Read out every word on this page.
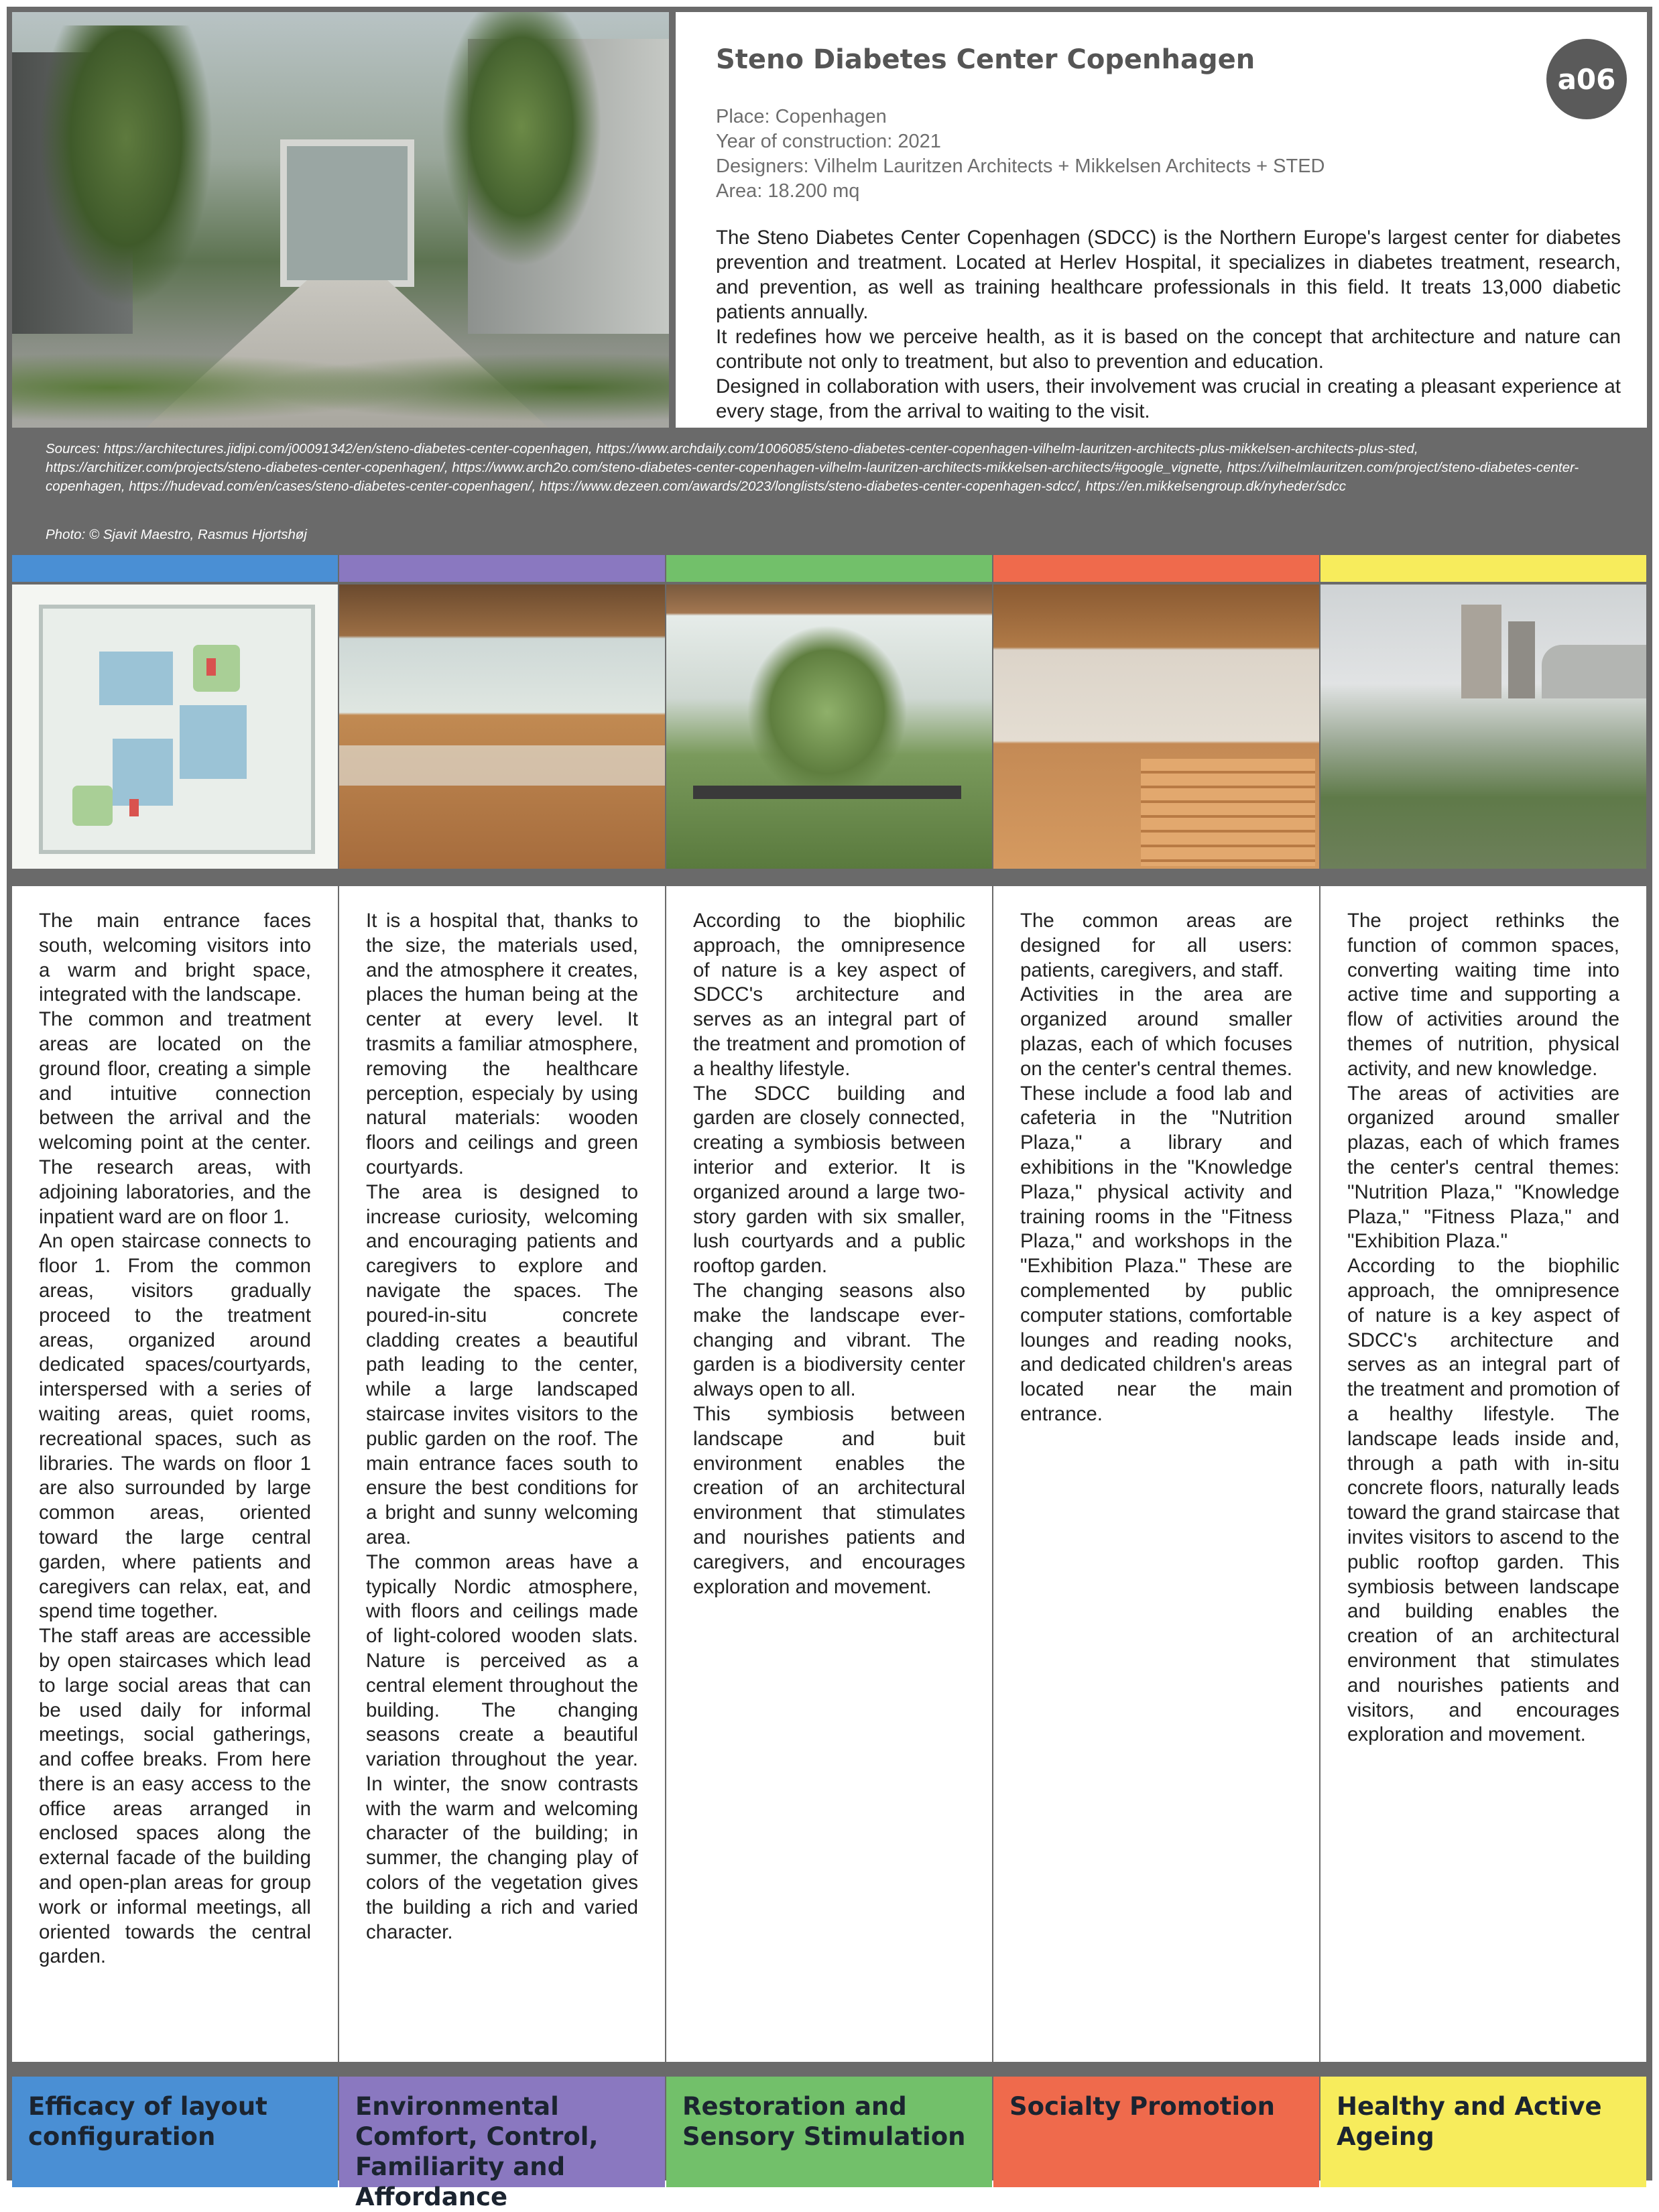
Steno Diabetes Center Copenhagen
a06
Place: Copenhagen
Year of construction: 2021
Designers: Vilhelm Lauritzen Architects + Mikkelsen Architects + STED
Area: 18.200 mq

The Steno Diabetes Center Copenhagen (SDCC) is the Northern Europe's largest center for diabetes prevention and treatment. Located at Herlev Hospital, it specializes in diabetes treatment, research, and prevention, as well as training healthcare professionals in this field. It treats 13,000 diabetic patients annually.

It redefines how we perceive health, as it is based on the concept that architecture and nature can contribute not only to treatment, but also to prevention and education.

Designed in collaboration with users, their involvement was crucial in creating a pleasant experience at every stage, from the arrival to waiting to the visit.

Sources: https://architectures.jidipi.com/j00091342/en/steno-diabetes-center-copenhagen, https://www.archdaily.com/1006085/steno-diabetes-center-copenhagen-vilhelm-lauritzen-architects-plus-mikkelsen-architects-plus-sted, https://architizer.com/projects/steno-diabetes-center-copenhagen/, https://www.arch2o.com/steno-diabetes-center-copenhagen-vilhelm-lauritzen-architects-mikkelsen-architects/#google_vignette, https://vilhelmlauritzen.com/project/steno-diabetes-center-copenhagen, https://hudevad.com/en/cases/steno-diabetes-center-copenhagen/, https://www.dezeen.com/awards/2023/longlists/steno-diabetes-center-copenhagen-sdcc/, https://en.mikkelsengroup.dk/nyheder/sdcc
Photo: © Sjavit Maestro, Rasmus Hjortshøj

The main entrance faces south, welcoming visitors into a warm and bright space, integrated with the landscape.

The common and treatment areas are located on the ground floor, creating a simple and intuitive connection between the arrival and the welcoming point at the center. The research areas, with adjoining laboratories, and the inpatient ward are on floor 1.

An open staircase connects to floor 1. From the common areas, visitors gradually proceed to the treatment areas, organized around dedicated spaces/courtyards, interspersed with a series of waiting areas, quiet rooms, recreational spaces, such as libraries. The wards on floor 1 are also surrounded by large common areas, oriented toward the large central garden, where patients and caregivers can relax, eat, and spend time together.

The staff areas are accessible by open staircases which lead to large social areas that can be used daily for informal meetings, social gatherings, and coffee breaks. From here there is an easy access to the office areas arranged in enclosed spaces along the external facade of the building and open-plan areas for group work or informal meetings, all oriented towards the central garden.

Efficacy of layout configuration

It is a hospital that, thanks to the size, the materials used, and the atmosphere it creates, places the human being at the center at every level. It trasmits a familiar atmosphere, removing the healthcare perception, especialy by using natural materials: wooden floors and ceilings and green courtyards.

The area is designed to increase curiosity, welcoming and encouraging patients and caregivers to explore and navigate the spaces. The poured-in-situ concrete cladding creates a beautiful path leading to the center, while a large landscaped staircase invites visitors to the public garden on the roof. The main entrance faces south to ensure the best conditions for a bright and sunny welcoming area.

The common areas have a typically Nordic atmosphere, with floors and ceilings made of light-colored wooden slats. Nature is perceived as a central element throughout the building. The changing seasons create a beautiful variation throughout the year. In winter, the snow contrasts with the warm and welcoming character of the building; in summer, the changing play of colors of the vegetation gives the building a rich and varied character.

Environmental Comfort, Control, Familiarity and Affordance

According to the biophilic approach, the omnipresence of nature is a key aspect of SDCC's architecture and serves as an integral part of the treatment and promotion of a healthy lifestyle.

The SDCC building and garden are closely connected, creating a symbiosis between interior and exterior. It is organized around a large two-story garden with six smaller, lush courtyards and a public rooftop garden.

The changing seasons also make the landscape ever-changing and vibrant. The garden is a biodiversity center always open to all.

This symbiosis between landscape and buit environment enables the creation of an architectural environment that stimulates and nourishes patients and caregivers, and encourages exploration and movement.

Restoration and Sensory Stimulation

The common areas are designed for all users: patients, caregivers, and staff.

Activities in the area are organized around smaller plazas, each of which focuses on the center's central themes. These include a food lab and cafeteria in the "Nutrition Plaza," a library and exhibitions in the "Knowledge Plaza," physical activity and training rooms in the "Fitness Plaza," and workshops in the "Exhibition Plaza." These are complemented by public computer stations, comfortable lounges and reading nooks, and dedicated children's areas located near the main entrance.

Socialty Promotion

The project rethinks the function of common spaces, converting waiting time into active time and supporting a flow of activities around the themes of nutrition, physical activity, and new knowledge.

The areas of activities are organized around smaller plazas, each of which frames the center's central themes: "Nutrition Plaza," "Knowledge Plaza," "Fitness Plaza," and "Exhibition Plaza."

According to the biophilic approach, the omnipresence of nature is a key aspect of SDCC's architecture and serves as an integral part of the treatment and promotion of a healthy lifestyle. The landscape leads inside and, through a path with in-situ concrete floors, naturally leads toward the grand staircase that invites visitors to ascend to the public rooftop garden. This symbiosis between landscape and building enables the creation of an architectural environment that stimulates and nourishes patients and visitors, and encourages exploration and movement.

Healthy and Active Ageing
